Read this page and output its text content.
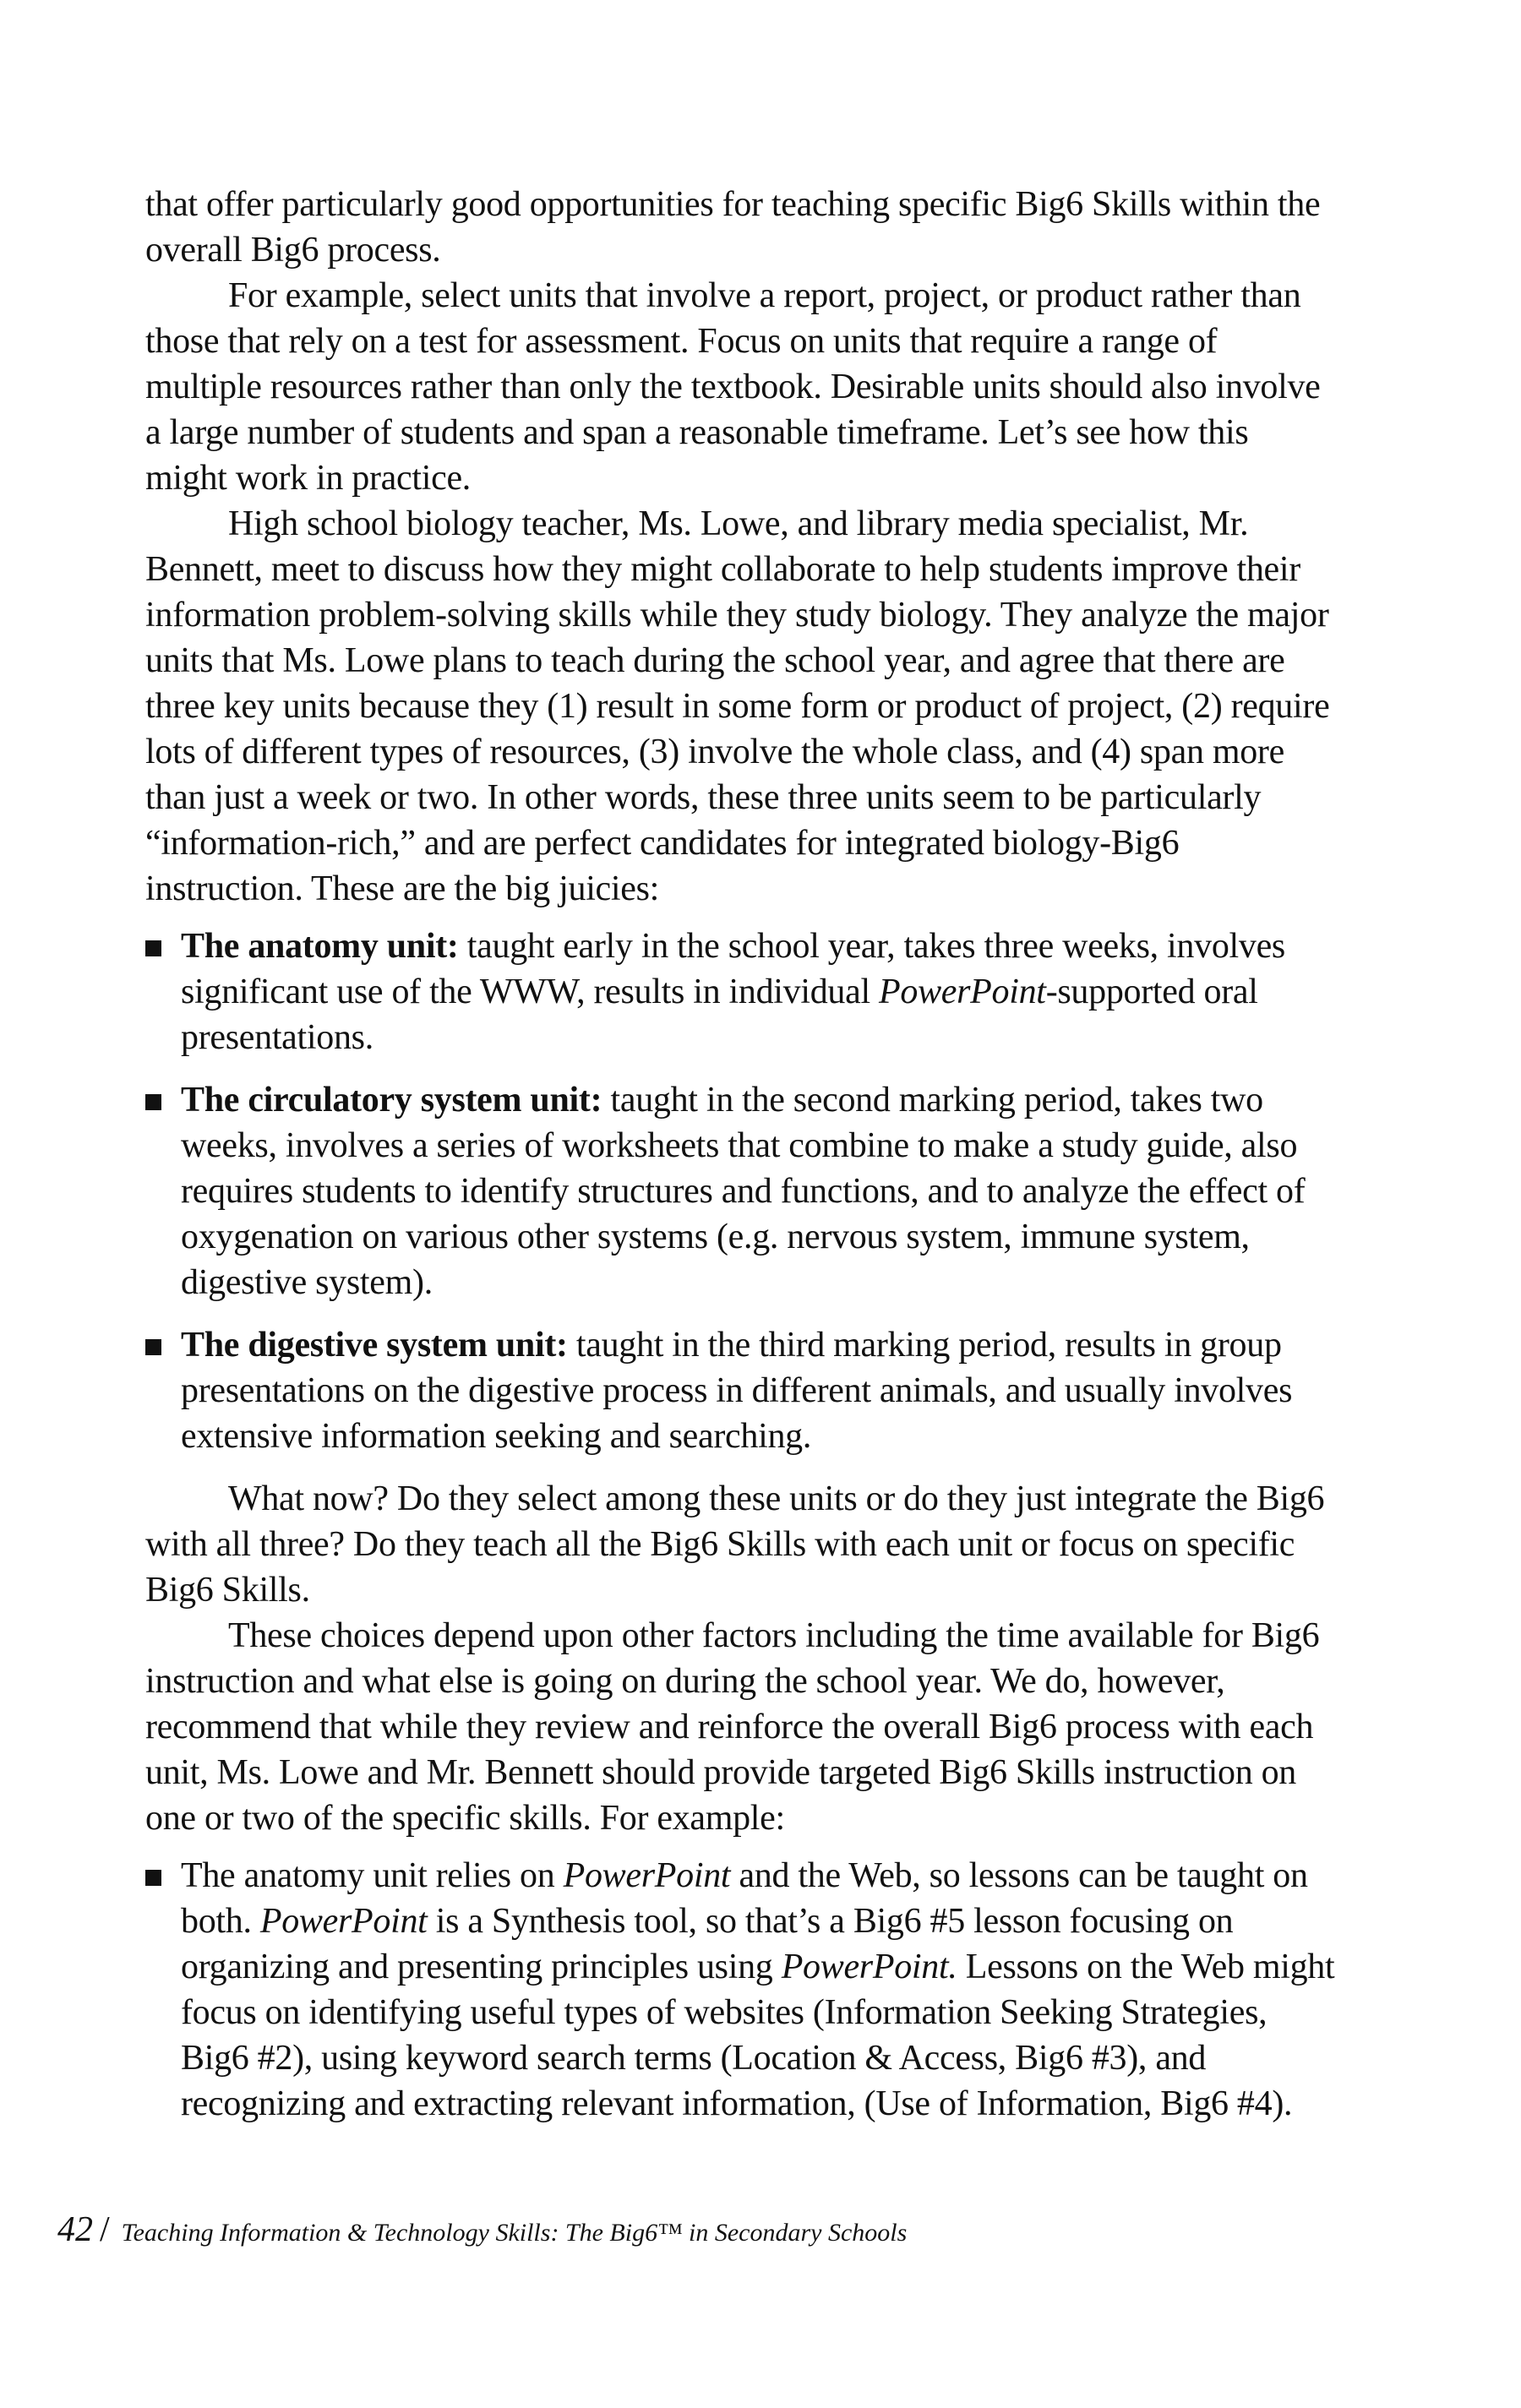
that offer particularly good opportunities for teaching specific Big6 Skills within the overall Big6 process.

For example, select units that involve a report, project, or product rather than those that rely on a test for assessment. Focus on units that require a range of multiple resources rather than only the textbook. Desirable units should also involve a large number of students and span a reasonable timeframe. Let’s see how this might work in practice.

High school biology teacher, Ms. Lowe, and library media specialist, Mr. Bennett, meet to discuss how they might collaborate to help students improve their information problem-solving skills while they study biology. They analyze the major units that Ms. Lowe plans to teach during the school year, and agree that there are three key units because they (1) result in some form or product of project, (2) require lots of different types of resources, (3) involve the whole class, and (4) span more than just a week or two. In other words, these three units seem to be particularly “information-rich,” and are perfect candidates for integrated biology-Big6 instruction. These are the big juicies:

The anatomy unit: taught early in the school year, takes three weeks, involves significant use of the WWW, results in individual PowerPoint-supported oral presentations.
The circulatory system unit: taught in the second marking period, takes two weeks, involves a series of worksheets that combine to make a study guide, also requires students to identify structures and functions, and to analyze the effect of oxygenation on various other systems (e.g. nervous system, immune system, digestive system).
The digestive system unit: taught in the third marking period, results in group presentations on the digestive process in different animals, and usually involves extensive information seeking and searching.

What now? Do they select among these units or do they just integrate the Big6 with all three? Do they teach all the Big6 Skills with each unit or focus on specific Big6 Skills.

These choices depend upon other factors including the time available for Big6 instruction and what else is going on during the school year. We do, however, recommend that while they review and reinforce the overall Big6 process with each unit, Ms. Lowe and Mr. Bennett should provide targeted Big6 Skills instruction on one or two of the specific skills. For example:

The anatomy unit relies on PowerPoint and the Web, so lessons can be taught on both. PowerPoint is a Synthesis tool, so that’s a Big6 #5 lesson focusing on organizing and presenting principles using PowerPoint. Lessons on the Web might focus on identifying useful types of websites (Information Seeking Strategies, Big6 #2), using keyword search terms (Location & Access, Big6 #3), and recognizing and extracting relevant information, (Use of Information, Big6 #4).
42 / Teaching Information & Technology Skills: The Big6™ in Secondary Schools
